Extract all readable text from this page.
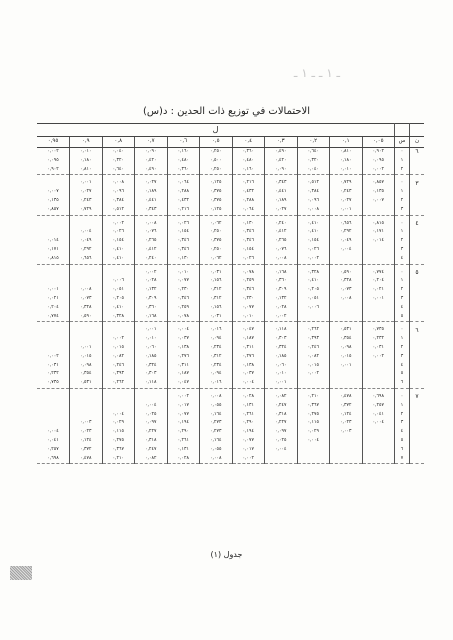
ـ ١ ـ ـ ١ ـ
الاحتمالات في توزيع ذات الحدين : د(س)
		ل										
ن	س	٠,٠٥	٠,١	٠,٢	٠,٣	٠,٤	٠,٥	٠,٦	٠,٧	٠,٨	٠,٩	٠,٩٥
٦	٠	٠,٩٠٢	٠,٨١٠	٠,٦٤٠	٠,٤٩٠	٠,٣٦٠	٠,٢٥٠	٠,١٦٠	٠,٠٩٠	٠,٠٤٠	٠,٠١٠	٠,٠٠٢
	١	٠,٠٩٥	٠,١٨٠	٠,٣٢٠	٠,٤٢٠	٠,٤٨٠	٠,٥٠٠	٠,٤٨٠	٠,٤٢٠	٠,٣٢٠	٠,١٨٠	٠,٠٩٥
	٢	٠,٠٠٢	٠,٠١٠	٠,٠٤٠	٠,٠٩٠	٠,١٦٠	٠,٢٥٠	٠,٣٦٠	٠,٤٩٠	٠,٦٤٠	٠,٨١٠	٠,٩٠٢

٣	٠	٠,٨٥٧	٠,٧٢٩	٠,٥١٢	٠,٣٤٣	٠,٢١٦	٠,١٢٥	٠,٠٦٤	٠,٠٢٧	٠,٠٠٨	٠,٠٠١	
	١	٠,١٣٥	٠,٢٤٣	٠,٣٨٤	٠,٤٤١	٠,٤٣٢	٠,٣٧٥	٠,٢٨٨	٠,١٨٩	٠,٠٩٦	٠,٠٢٧	٠,٠٠٧
	٢	٠,٠٠٧	٠,٠٢٧	٠,٠٩٦	٠,١٨٩	٠,٢٨٨	٠,٣٧٥	٠,٤٣٢	٠,٤٤١	٠,٣٨٤	٠,٢٤٣	٠,١٣٥
	٣		٠,٠٠١	٠,٠٠٨	٠,٠٢٧	٠,٠٦٤	٠,١٢٥	٠,٢١٦	٠,٣٤٣	٠,٥١٢	٠,٧٢٩	٠,٨٥٧

٤	٠	٠,٨١٥	٠,٦٥٦	٠,٤١٠	٠,٢٤٠	٠,١٣٠	٠,٠٦٢	٠,٠٢٦	٠,٠٠٨	٠,٠٠٢		
	١	٠,١٧١	٠,٢٩٢	٠,٤١٠	٠,٤١٢	٠,٣٤٦	٠,٢٥٠	٠,١٥٤	٠,٠٧٦	٠,٠٢٦	٠,٠٠٤	
	٢	٠,٠١٤	٠,٠٤٩	٠,١٥٤	٠,٢٦٥	٠,٣٤٦	٠,٣٧٥	٠,٣٤٦	٠,٢٦٥	٠,١٥٤	٠,٠٤٩	٠,٠١٤
	٣		٠,٠٠٤	٠,٠٢٦	٠,٠٧٦	٠,١٥٤	٠,٢٥٠	٠,٣٤٦	٠,٤١٢	٠,٤١٠	٠,٢٩٢	٠,١٧١
	٤			٠,٠٠٢	٠,٠٠٨	٠,٠٢٦	٠,٠٦٢	٠,١٣٠	٠,٢٤٠	٠,٤١٠	٠,٦٥٦	٠,٨١٥

٥	٠	٠,٧٧٤	٠,٥٩٠	٠,٣٢٨	٠,١٦٨	٠,٠٧٨	٠,٠٣١	٠,٠١٠	٠,٠٠٢			
	١	٠,٢٠٤	٠,٣٢٨	٠,٤١٠	٠,٣٦٠	٠,٢٥٩	٠,١٥٦	٠,٠٧٧	٠,٠٢٨	٠,٠٠٦		
	٢	٠,٠٢١	٠,٠٧٣	٠,٢٠٥	٠,٣٠٩	٠,٣٤٦	٠,٣١٢	٠,٢٣٠	٠,١٣٢	٠,٠٥١	٠,٠٠٨	٠,٠٠١
	٣	٠,٠٠١	٠,٠٠٨	٠,٠٥١	٠,١٣٢	٠,٢٣٠	٠,٣١٢	٠,٣٤٦	٠,٣٠٩	٠,٢٠٥	٠,٠٧٣	٠,٠٢١
	٤			٠,٠٠٦	٠,٠٢٨	٠,٠٧٧	٠,١٥٦	٠,٢٥٩	٠,٣٦٠	٠,٤١٠	٠,٣٢٨	٠,٢٠٤
	٥				٠,٠٠٢	٠,٠١٠	٠,٠٣١	٠,٠٧٨	٠,١٦٨	٠,٣٢٨	٠,٥٩٠	٠,٧٧٤

٦	٠	٠,٧٣٥	٠,٥٣١	٠,٢٦٢	٠,١١٨	٠,٠٤٧	٠,٠١٦	٠,٠٠٤	٠,٠٠١			
	١	٠,٢٣٢	٠,٣٥٤	٠,٣٩٣	٠,٣٠٣	٠,١٨٧	٠,٠٩٤	٠,٠٣٧	٠,٠١٠	٠,٠٠٢		
	٢	٠,٠٣١	٠,٠٩٨	٠,٢٤٦	٠,٣٢٤	٠,٣١١	٠,٢٣٤	٠,١٣٨	٠,٠٦٠	٠,٠١٥	٠,٠٠١	
	٣	٠,٠٠٢	٠,٠١٥	٠,٠٨٢	٠,١٨٥	٠,٢٧٦	٠,٣١٢	٠,٢٧٦	٠,١٨٥	٠,٠٨٢	٠,٠١٥	٠,٠٠٢
	٤		٠,٠٠١	٠,٠١٥	٠,٠٦٠	٠,١٣٨	٠,٢٣٤	٠,٣١١	٠,٣٢٤	٠,٢٤٦	٠,٠٩٨	٠,٠٣١
	٥			٠,٠٠٢	٠,٠١٠	٠,٠٣٧	٠,٠٩٤	٠,١٨٧	٠,٣٠٣	٠,٣٩٣	٠,٣٥٤	٠,٢٣٢
	٦				٠,٠٠١	٠,٠٠٤	٠,٠١٦	٠,٠٤٧	٠,١١٨	٠,٢٦٢	٠,٥٣١	٠,٧٣٥

٧	٠	٠,٦٩٨	٠,٤٧٨	٠,٢١٠	٠,٠٨٢	٠,٠٢٨	٠,٠٠٨	٠,٠٠٢				
	١	٠,٢٥٧	٠,٣٧٢	٠,٣٦٧	٠,٢٤٧	٠,١٣١	٠,٠٥٥	٠,٠١٧	٠,٠٠٤			
	٢	٠,٠٤١	٠,١٢٤	٠,٢٧٥	٠,٣١٨	٠,٢٦١	٠,١٦٤	٠,٠٧٧	٠,٠٢٥	٠,٠٠٤		
	٣	٠,٠٠٤	٠,٠٢٣	٠,١١٥	٠,٢٢٧	٠,٢٩٠	٠,٢٧٣	٠,١٩٤	٠,٠٩٧	٠,٠٢٩	٠,٠٠٣	
	٤		٠,٠٠٣	٠,٠٢٩	٠,٠٩٧	٠,١٩٤	٠,٢٧٣	٠,٢٩٠	٠,٢٢٧	٠,١١٥	٠,٠٢٣	٠,٠٠٤
	٥			٠,٠٠٤	٠,٠٢٥	٠,٠٧٧	٠,١٦٤	٠,٢٦١	٠,٣١٨	٠,٢٧٥	٠,١٢٤	٠,٠٤١
	٦				٠,٠٠٤	٠,٠١٧	٠,٠٥٥	٠,١٣١	٠,٢٤٧	٠,٣٦٧	٠,٣٧٢	٠,٢٥٧
	٧					٠,٠٠٢	٠,٠٠٨	٠,٠٢٨	٠,٠٨٢	٠,٢١٠	٠,٤٧٨	٠,٦٩٨
جدول (١)
